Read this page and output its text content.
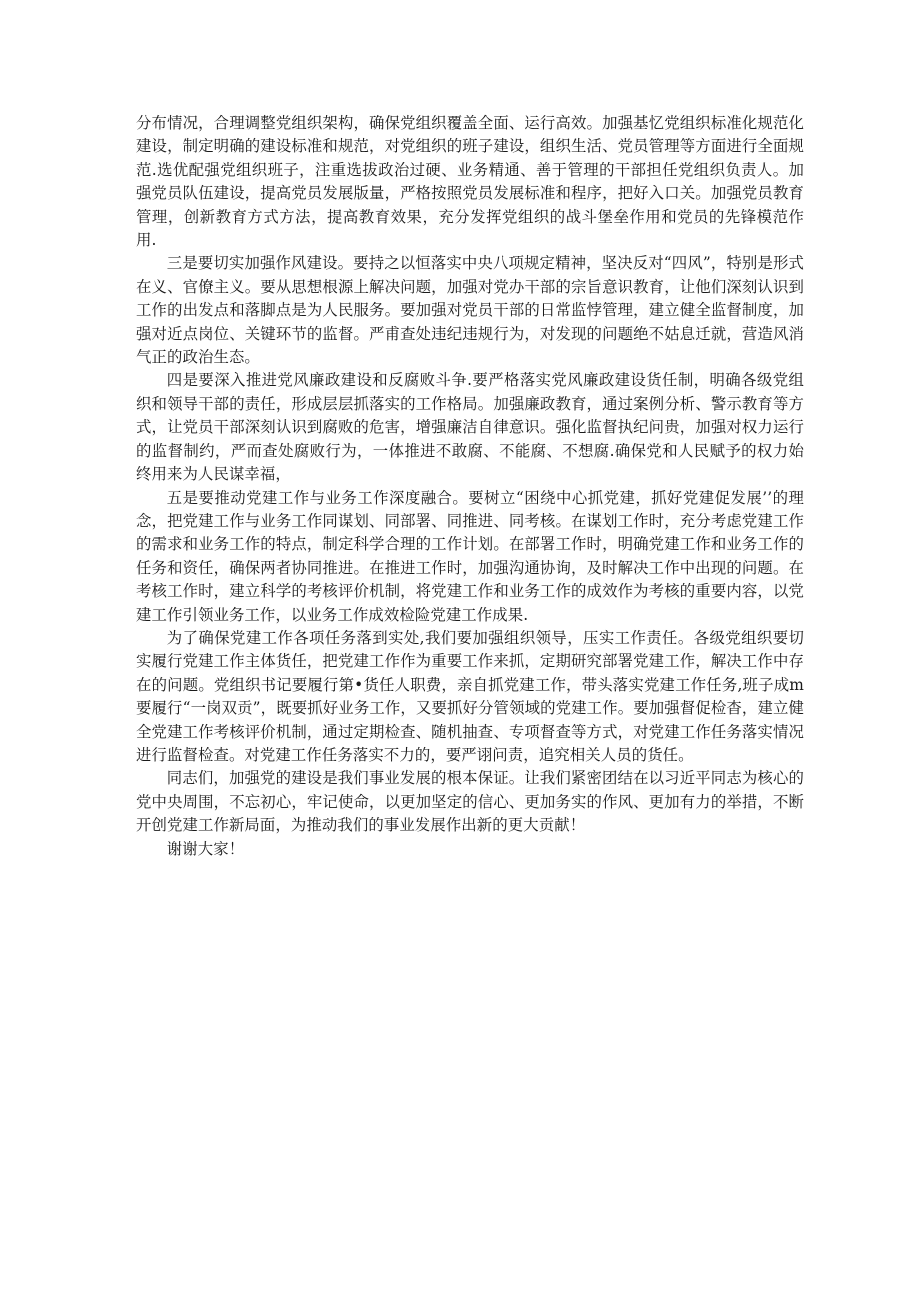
分布情况，合理调整党组织架构，确保党组织覆盖全面、运行高效。加强基忆党组织标准化规范化建设，制定明确的建设标准和规范，对党组织的班子建设，组织生活、党员管理等方面进行全面规范.选优配强党组织班子，注重选拔政治过硬、业务精通、善于管理的干部担任党组织负责人。加强党员队伍建设，提高党员发展版量，严格按照党员发展标准和程序，把好入口关。加强党员教育管理，创新教育方式方法，提高教育效果，充分发挥党组织的战斗堡垒作用和党员的先锋模范作用.

三是要切实加强作风建设。要持之以恒落实中央八项规定精神，坚决反对“四风”，特别是形式在义、官僚主义。要从思想根源上解决问题，加强对党办干部的宗旨意识教育，让他们深刻认识到工作的出发点和落脚点是为人民服务。要加强对党员干部的日常监悖管理，建立健全监督制度，加强对近点岗位、关键环节的监督。严甫查处违纪违规行为，对发现的问题绝不姑息迁就，营造风消气正的政治生态。

四是要深入推进党风廉政建设和反腐败斗争.要严格落实党风廉政建设货任制，明确各级党组织和领导干部的责任，形成层层抓落实的工作格局。加强廉政教育，通过案例分析、警示教育等方式，让党员干部深刻认识到腐败的危害，增强廉洁自律意识。强化监督执纪问贵，加强对权力运行的监督制约，严而查处腐败行为，一体推进不敢腐、不能腐、不想腐.确保党和人民赋予的权力始终用来为人民谋幸福，

五是要推动党建工作与业务工作深度融合。要树立“困绕中心抓党建，抓好党建促发展’’的理念，把党建工作与业务工作同谋划、同部署、同推进、同考核。在谋划工作时，充分考虑党建工作的需求和业务工作的特点，制定科学合理的工作计划。在部署工作时，明确党建工作和业务工作的任务和资任，确保两者协同推进。在推进工作时，加强沟通协询，及时解决工作中出现的问题。在考核工作时，建立科学的考核评价机制，将党建工作和业务工作的成效作为考核的重要内容，以党建工作引领业务工作，以业务工作成效检险党建工作成果.

为了确保党建工作各项任务落到实处,我们要加强组织领导，压实工作责任。各级党组织要切实履行党建工作主体货任，把党建工作作为重要工作来抓，定期研究部署党建工作，解决工作中存在的问题。党组织书记要履行第•货任人职费，亲自抓党建工作，带头落实党建工作任务,班子成m要履行“一岗双贡”，既要抓好业务工作，又要抓好分管领域的党建工作。要加强督促检杳，建立健全党建工作考核评价机制，通过定期检查、随机抽查、专项督查等方式，对党建工作任务落实情况进行监督检查。对党建工作任务落实不力的，要严诩问责，追究相关人员的货任。

同志们，加强党的建设是我们事业发展的根本保证。让我们紧密团结在以习近平同志为核心的党中央周围，不忘初心，牢记使命，以更加坚定的信心、更加务实的作风、更加有力的举措，不断开创党建工作新局面，为推动我们的事业发展作出新的更大贡献！

谢谢大家！
